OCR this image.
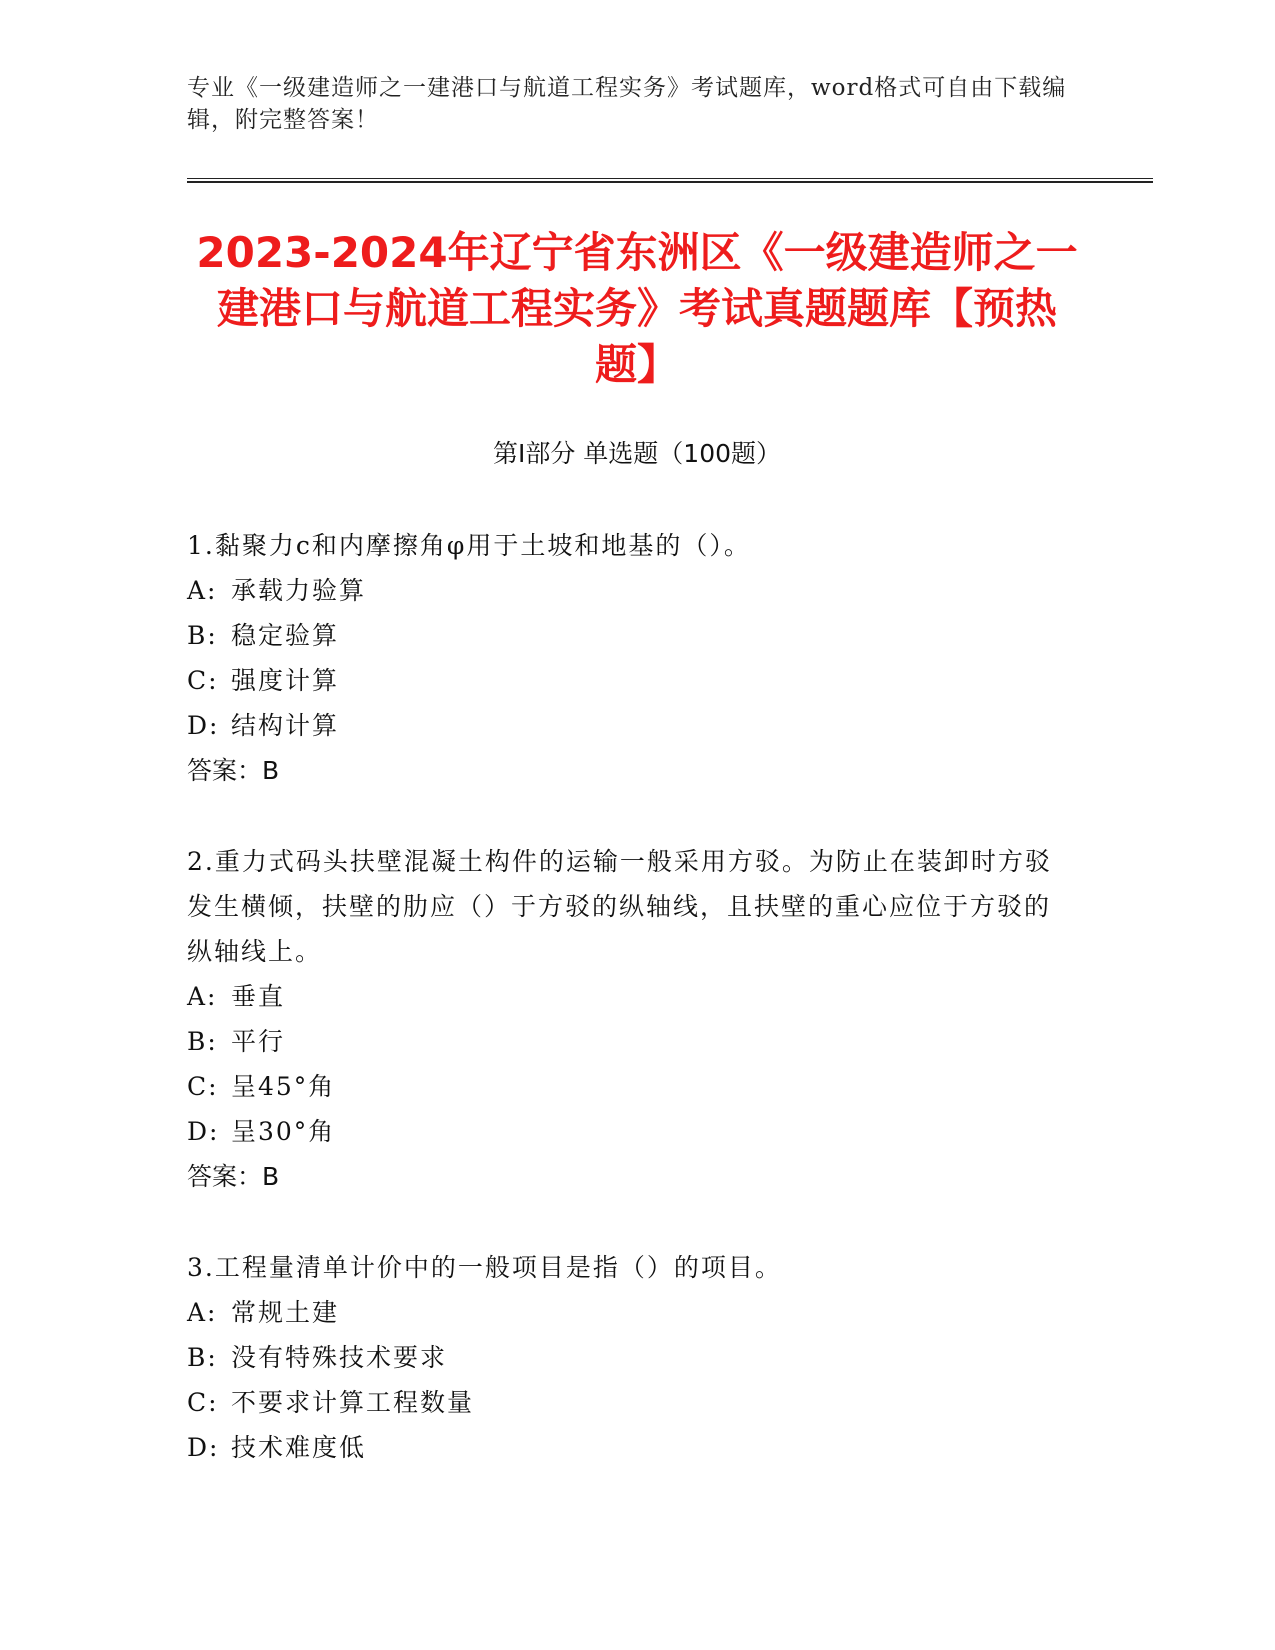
专业《一级建造师之一建港口与航道工程实务》考试题库，word格式可自由下载编辑，附完整答案！
2023-2024年辽宁省东洲区《一级建造师之一建港口与航道工程实务》考试真题题库【预热题】
第I部分 单选题（100题）
1.黏聚力c和内摩擦角φ用于土坡和地基的（）。
A: 承载力验算
B: 稳定验算
C: 强度计算
D: 结构计算
答案：B
2.重力式码头扶壁混凝土构件的运输一般采用方驳。为防止在装卸时方驳发生横倾，扶壁的肋应（）于方驳的纵轴线，且扶壁的重心应位于方驳的纵轴线上。
A: 垂直
B: 平行
C: 呈45°角
D: 呈30°角
答案：B
3.工程量清单计价中的一般项目是指（）的项目。
A: 常规土建
B: 没有特殊技术要求
C: 不要求计算工程数量
D: 技术难度低
